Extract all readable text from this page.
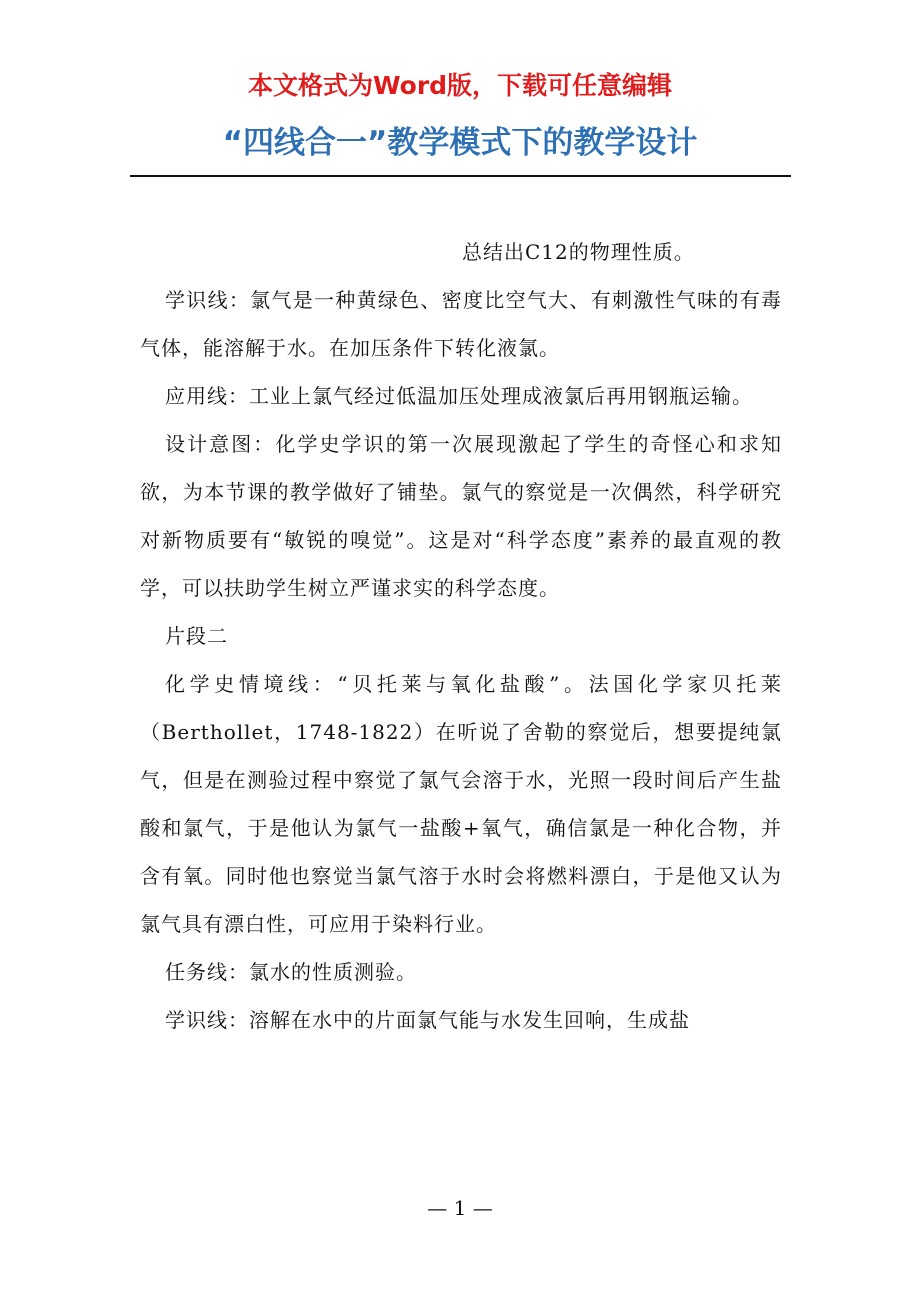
本文格式为Word版，下载可任意编辑
“四线合一”教学模式下的教学设计

总结出C12的物理性质。

学识线：氯气是一种黄绿色、密度比空气大、有刺激性气味的有毒气体，能溶解于水。在加压条件下转化液氯。

应用线：工业上氯气经过低温加压处理成液氯后再用钢瓶运输。

设计意图：化学史学识的第一次展现激起了学生的奇怪心和求知欲，为本节课的教学做好了铺垫。氯气的察觉是一次偶然，科学研究对新物质要有“敏锐的嗅觉”。这是对“科学态度”素养的最直观的教学，可以扶助学生树立严谨求实的科学态度。

片段二

化学史情境线：“贝托莱与氧化盐酸”。法国化学家贝托莱（Berthollet，1748-1822）在听说了舍勒的察觉后，想要提纯氯气，但是在测验过程中察觉了氯气会溶于水，光照一段时间后产生盐酸和氯气，于是他认为氯气一盐酸+氧气，确信氯是一种化合物，并含有氧。同时他也察觉当氯气溶于水时会将燃料漂白，于是他又认为氯气具有漂白性，可应用于染料行业。

任务线：氯水的性质测验。

学识线：溶解在水中的片面氯气能与水发生回响，生成盐

— 1 —
